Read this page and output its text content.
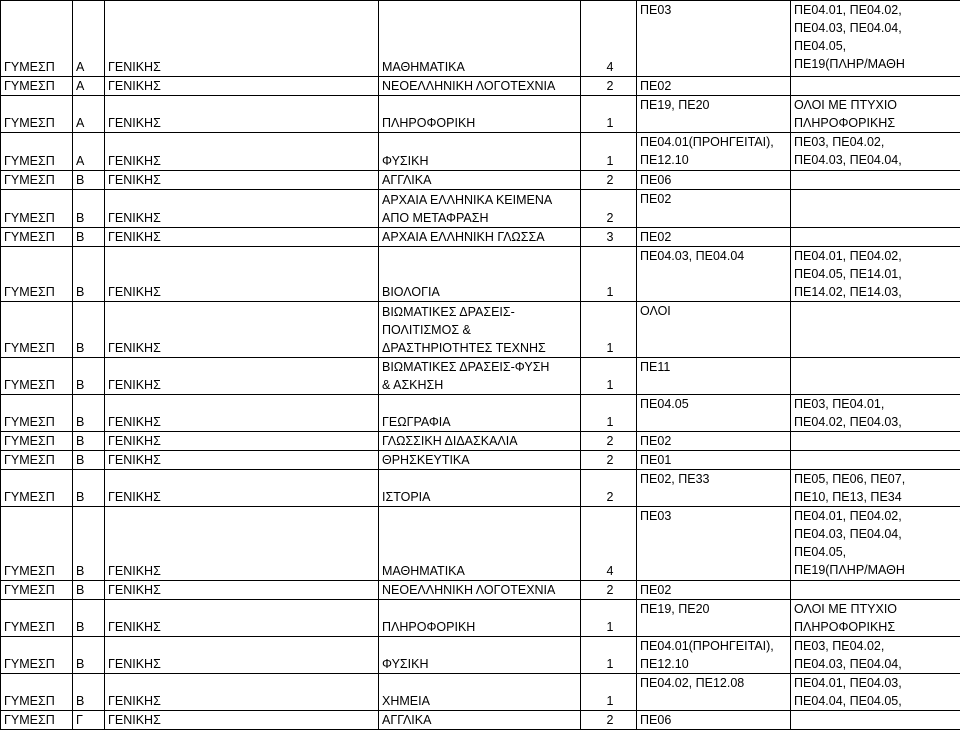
ΓΥΜΕΣΠ	Α	ΓΕΝΙΚΗΣ	ΜΑΘΗΜΑΤΙΚΑ	4	ΠΕ03	ΠΕ04.01, ΠΕ04.02,
ΠΕ04.03, ΠΕ04.04,
ΠΕ04.05,
ΠΕ19(ΠΛΗΡ/ΜΑΘΗ

ΓΥΜΕΣΠ	Α	ΓΕΝΙΚΗΣ	ΝΕΟΕΛΛΗΝΙΚΗ ΛΟΓΟΤΕΧΝΙΑ	2	ΠΕ02	

ΓΥΜΕΣΠ	Α	ΓΕΝΙΚΗΣ	ΠΛΗΡΟΦΟΡΙΚΗ	1	ΠΕ19, ΠΕ20	ΟΛΟΙ ΜΕ ΠΤΥΧΙΟ
ΠΛΗΡΟΦΟΡΙΚΗΣ

ΓΥΜΕΣΠ	Α	ΓΕΝΙΚΗΣ	ΦΥΣΙΚΗ	1	ΠΕ04.01(ΠΡΟΗΓΕΙΤΑΙ),
ΠΕ12.10	ΠΕ03, ΠΕ04.02,
ΠΕ04.03, ΠΕ04.04,

ΓΥΜΕΣΠ	Β	ΓΕΝΙΚΗΣ	ΑΓΓΛΙΚΑ	2	ΠΕ06	

ΓΥΜΕΣΠ	Β	ΓΕΝΙΚΗΣ	ΑΡΧΑΙΑ ΕΛΛΗΝΙΚΑ ΚΕΙΜΕΝΑ
ΑΠΟ ΜΕΤΑΦΡΑΣΗ	2	ΠΕ02	

ΓΥΜΕΣΠ	Β	ΓΕΝΙΚΗΣ	ΑΡΧΑΙΑ ΕΛΛΗΝΙΚΗ ΓΛΩΣΣΑ	3	ΠΕ02	

ΓΥΜΕΣΠ	Β	ΓΕΝΙΚΗΣ	ΒΙΟΛΟΓΙΑ	1	ΠΕ04.03, ΠΕ04.04	ΠΕ04.01, ΠΕ04.02,
ΠΕ04.05, ΠΕ14.01,
ΠΕ14.02, ΠΕ14.03,

ΓΥΜΕΣΠ	Β	ΓΕΝΙΚΗΣ	ΒΙΩΜΑΤΙΚΕΣ ΔΡΑΣΕΙΣ-
ΠΟΛΙΤΙΣΜΟΣ &
ΔΡΑΣΤΗΡΙΟΤΗΤΕΣ ΤΕΧΝΗΣ	1	ΟΛΟΙ	

ΓΥΜΕΣΠ	Β	ΓΕΝΙΚΗΣ	ΒΙΩΜΑΤΙΚΕΣ ΔΡΑΣΕΙΣ-ΦΥΣΗ
& ΑΣΚΗΣΗ	1	ΠΕ11	

ΓΥΜΕΣΠ	Β	ΓΕΝΙΚΗΣ	ΓΕΩΓΡΑΦΙΑ	1	ΠΕ04.05	ΠΕ03, ΠΕ04.01,
ΠΕ04.02, ΠΕ04.03,

ΓΥΜΕΣΠ	Β	ΓΕΝΙΚΗΣ	ΓΛΩΣΣΙΚΗ ΔΙΔΑΣΚΑΛΙΑ	2	ΠΕ02	

ΓΥΜΕΣΠ	Β	ΓΕΝΙΚΗΣ	ΘΡΗΣΚΕΥΤΙΚΑ	2	ΠΕ01	

ΓΥΜΕΣΠ	Β	ΓΕΝΙΚΗΣ	ΙΣΤΟΡΙΑ	2	ΠΕ02, ΠΕ33	ΠΕ05, ΠΕ06, ΠΕ07,
ΠΕ10, ΠΕ13, ΠΕ34

ΓΥΜΕΣΠ	Β	ΓΕΝΙΚΗΣ	ΜΑΘΗΜΑΤΙΚΑ	4	ΠΕ03	ΠΕ04.01, ΠΕ04.02,
ΠΕ04.03, ΠΕ04.04,
ΠΕ04.05,
ΠΕ19(ΠΛΗΡ/ΜΑΘΗ

ΓΥΜΕΣΠ	Β	ΓΕΝΙΚΗΣ	ΝΕΟΕΛΛΗΝΙΚΗ ΛΟΓΟΤΕΧΝΙΑ	2	ΠΕ02	

ΓΥΜΕΣΠ	Β	ΓΕΝΙΚΗΣ	ΠΛΗΡΟΦΟΡΙΚΗ	1	ΠΕ19, ΠΕ20	ΟΛΟΙ ΜΕ ΠΤΥΧΙΟ
ΠΛΗΡΟΦΟΡΙΚΗΣ

ΓΥΜΕΣΠ	Β	ΓΕΝΙΚΗΣ	ΦΥΣΙΚΗ	1	ΠΕ04.01(ΠΡΟΗΓΕΙΤΑΙ),
ΠΕ12.10	ΠΕ03, ΠΕ04.02,
ΠΕ04.03, ΠΕ04.04,

ΓΥΜΕΣΠ	Β	ΓΕΝΙΚΗΣ	ΧΗΜΕΙΑ	1	ΠΕ04.02, ΠΕ12.08	ΠΕ04.01, ΠΕ04.03,
ΠΕ04.04, ΠΕ04.05,

ΓΥΜΕΣΠ	Γ	ΓΕΝΙΚΗΣ	ΑΓΓΛΙΚΑ	2	ΠΕ06	
